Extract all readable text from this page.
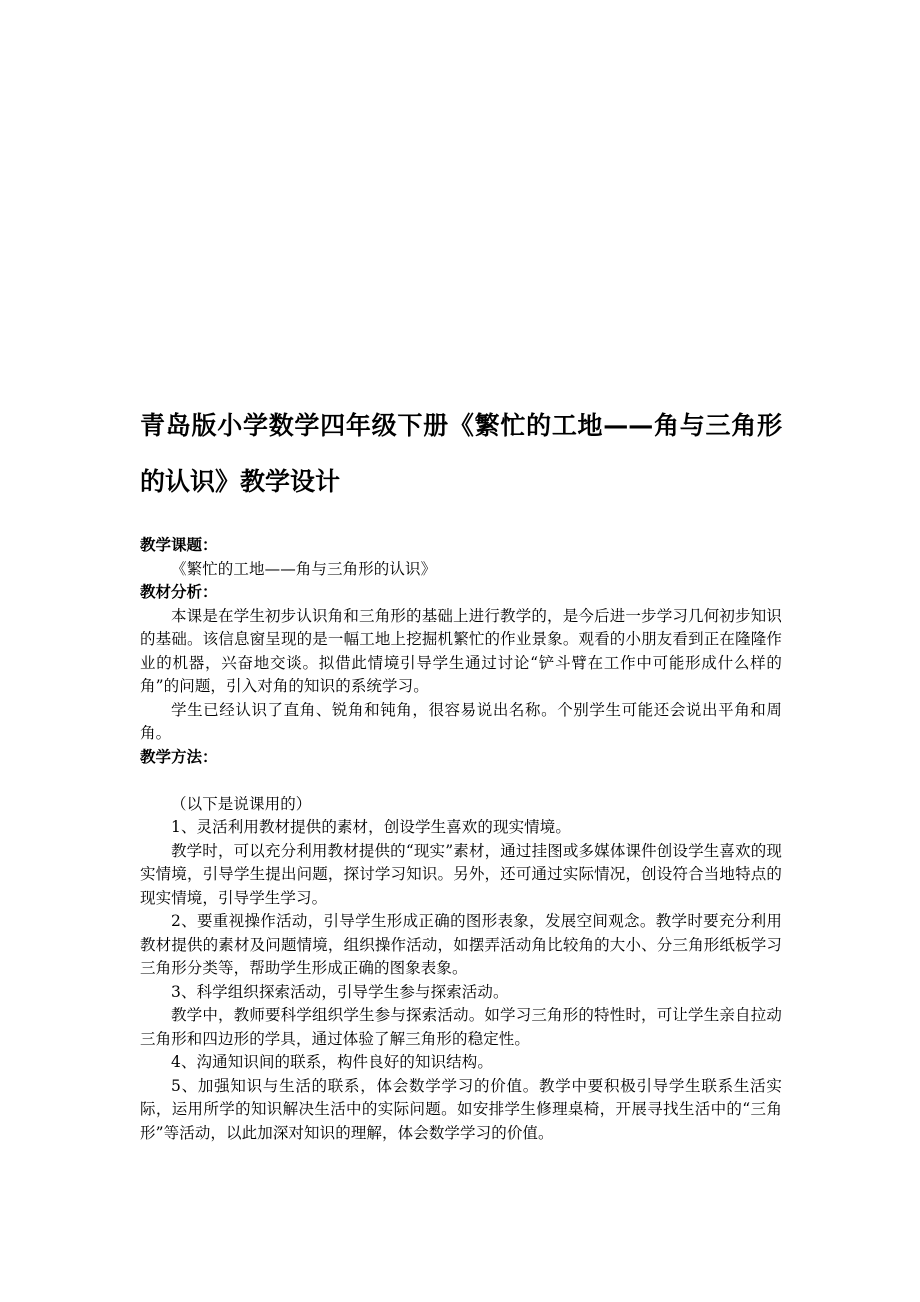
青岛版小学数学四年级下册《繁忙的工地——角与三角形的认识》教学设计

教学课题：

《繁忙的工地——角与三角形的认识》

教材分析：

本课是在学生初步认识角和三角形的基础上进行教学的，是今后进一步学习几何初步知识的基础。该信息窗呈现的是一幅工地上挖掘机繁忙的作业景象。观看的小朋友看到正在隆隆作业的机器，兴奋地交谈。拟借此情境引导学生通过讨论“铲斗臂在工作中可能形成什么样的角”的问题，引入对角的知识的系统学习。

学生已经认识了直角、锐角和钝角，很容易说出名称。个别学生可能还会说出平角和周角。

教学方法：

（以下是说课用的）

1、灵活利用教材提供的素材，创设学生喜欢的现实情境。

教学时，可以充分利用教材提供的“现实”素材，通过挂图或多媒体课件创设学生喜欢的现实情境，引导学生提出问题，探讨学习知识。另外，还可通过实际情况，创设符合当地特点的现实情境，引导学生学习。

2、要重视操作活动，引导学生形成正确的图形表象，发展空间观念。教学时要充分利用教材提供的素材及问题情境，组织操作活动，如摆弄活动角比较角的大小、分三角形纸板学习三角形分类等，帮助学生形成正确的图象表象。

3、科学组织探索活动，引导学生参与探索活动。

教学中，教师要科学组织学生参与探索活动。如学习三角形的特性时，可让学生亲自拉动三角形和四边形的学具，通过体验了解三角形的稳定性。

4、沟通知识间的联系，构件良好的知识结构。

5、加强知识与生活的联系，体会数学学习的价值。教学中要积极引导学生联系生活实际，运用所学的知识解决生活中的实际问题。如安排学生修理桌椅，开展寻找生活中的“三角形”等活动，以此加深对知识的理解，体会数学学习的价值。
